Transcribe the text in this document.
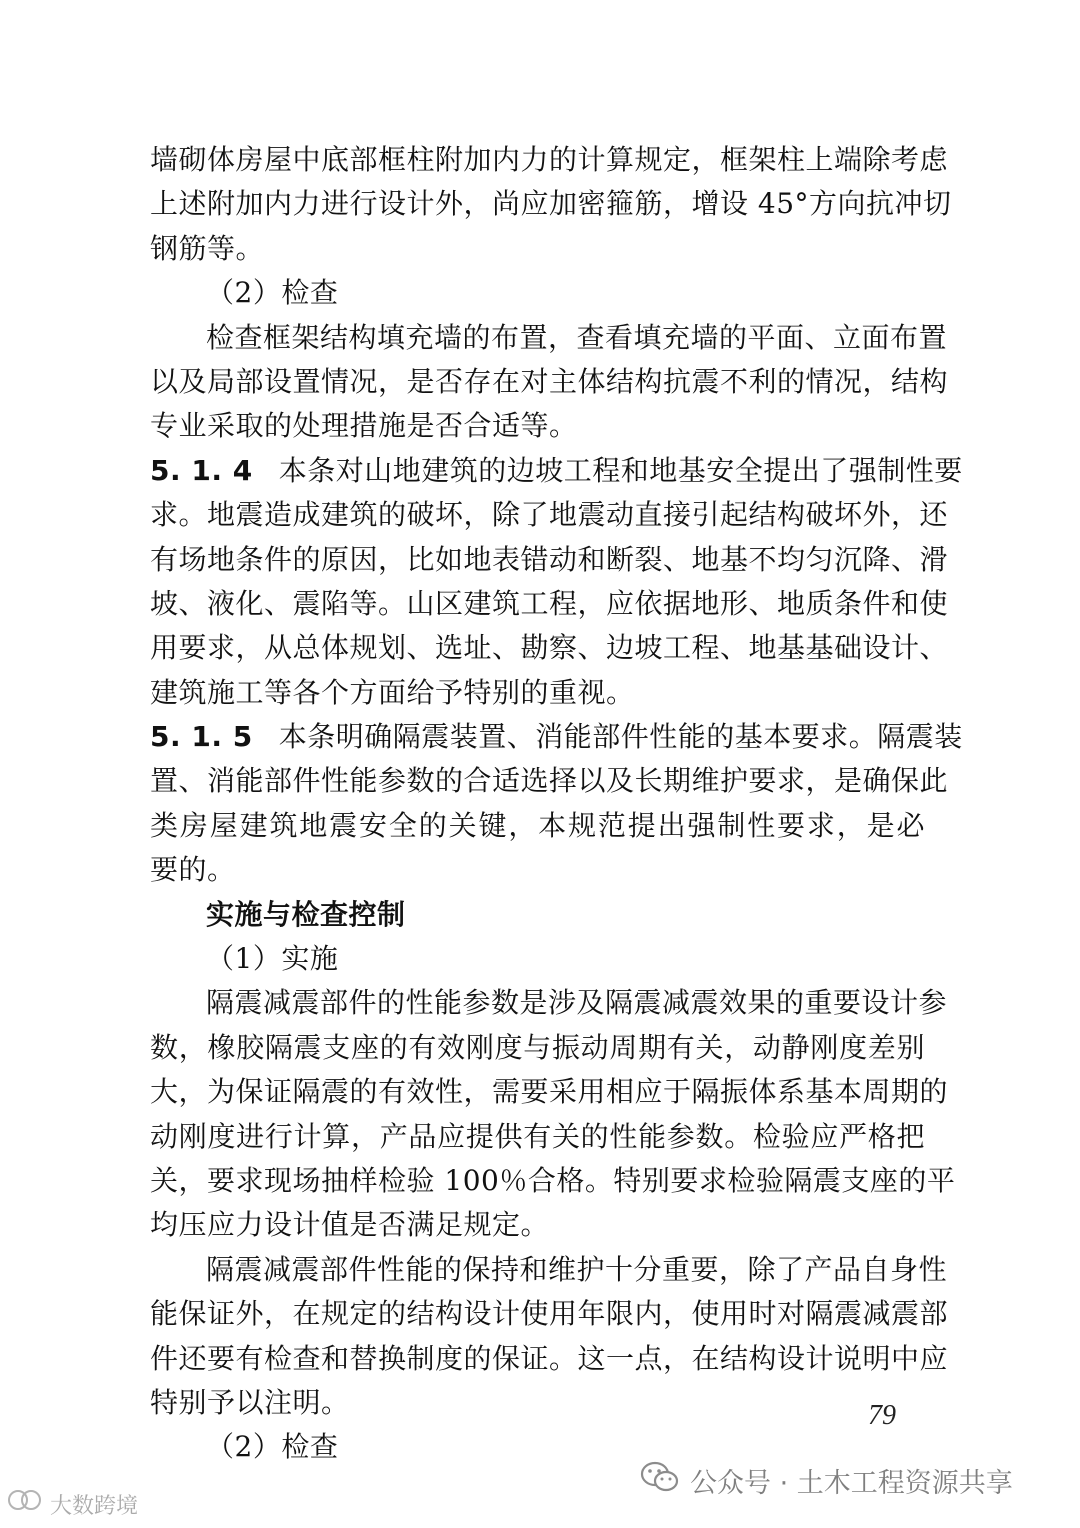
墙砌体房屋中底部框柱附加内力的计算规定，框架柱上端除考虑
上述附加内力进行设计外，尚应加密箍筋，增设 45°方向抗冲切
钢筋等。
（2）检查
检查框架结构填充墙的布置，查看填充墙的平面、立面布置
以及局部设置情况，是否存在对主体结构抗震不利的情况，结构
专业采取的处理措施是否合适等。
5. 1. 4 本条对山地建筑的边坡工程和地基安全提出了强制性要
求。地震造成建筑的破坏，除了地震动直接引起结构破坏外，还
有场地条件的原因，比如地表错动和断裂、地基不均匀沉降、滑
坡、液化、震陷等。山区建筑工程，应依据地形、地质条件和使
用要求，从总体规划、选址、勘察、边坡工程、地基基础设计、
建筑施工等各个方面给予特别的重视。
5. 1. 5 本条明确隔震装置、消能部件性能的基本要求。隔震装
置、消能部件性能参数的合适选择以及长期维护要求，是确保此
类房屋建筑地震安全的关键，本规范提出强制性要求，是必
要的。
实施与检查控制
（1）实施
隔震减震部件的性能参数是涉及隔震减震效果的重要设计参
数，橡胶隔震支座的有效刚度与振动周期有关，动静刚度差别
大，为保证隔震的有效性，需要采用相应于隔振体系基本周期的
动刚度进行计算，产品应提供有关的性能参数。检验应严格把
关，要求现场抽样检验 100％合格。特别要求检验隔震支座的平
均压应力设计值是否满足规定。
隔震减震部件性能的保持和维护十分重要，除了产品自身性
能保证外，在规定的结构设计使用年限内，使用时对隔震减震部
件还要有检查和替换制度的保证。这一点，在结构设计说明中应
特别予以注明。
（2）检查
79
公众号 · 土木工程资源共享
大数跨境
